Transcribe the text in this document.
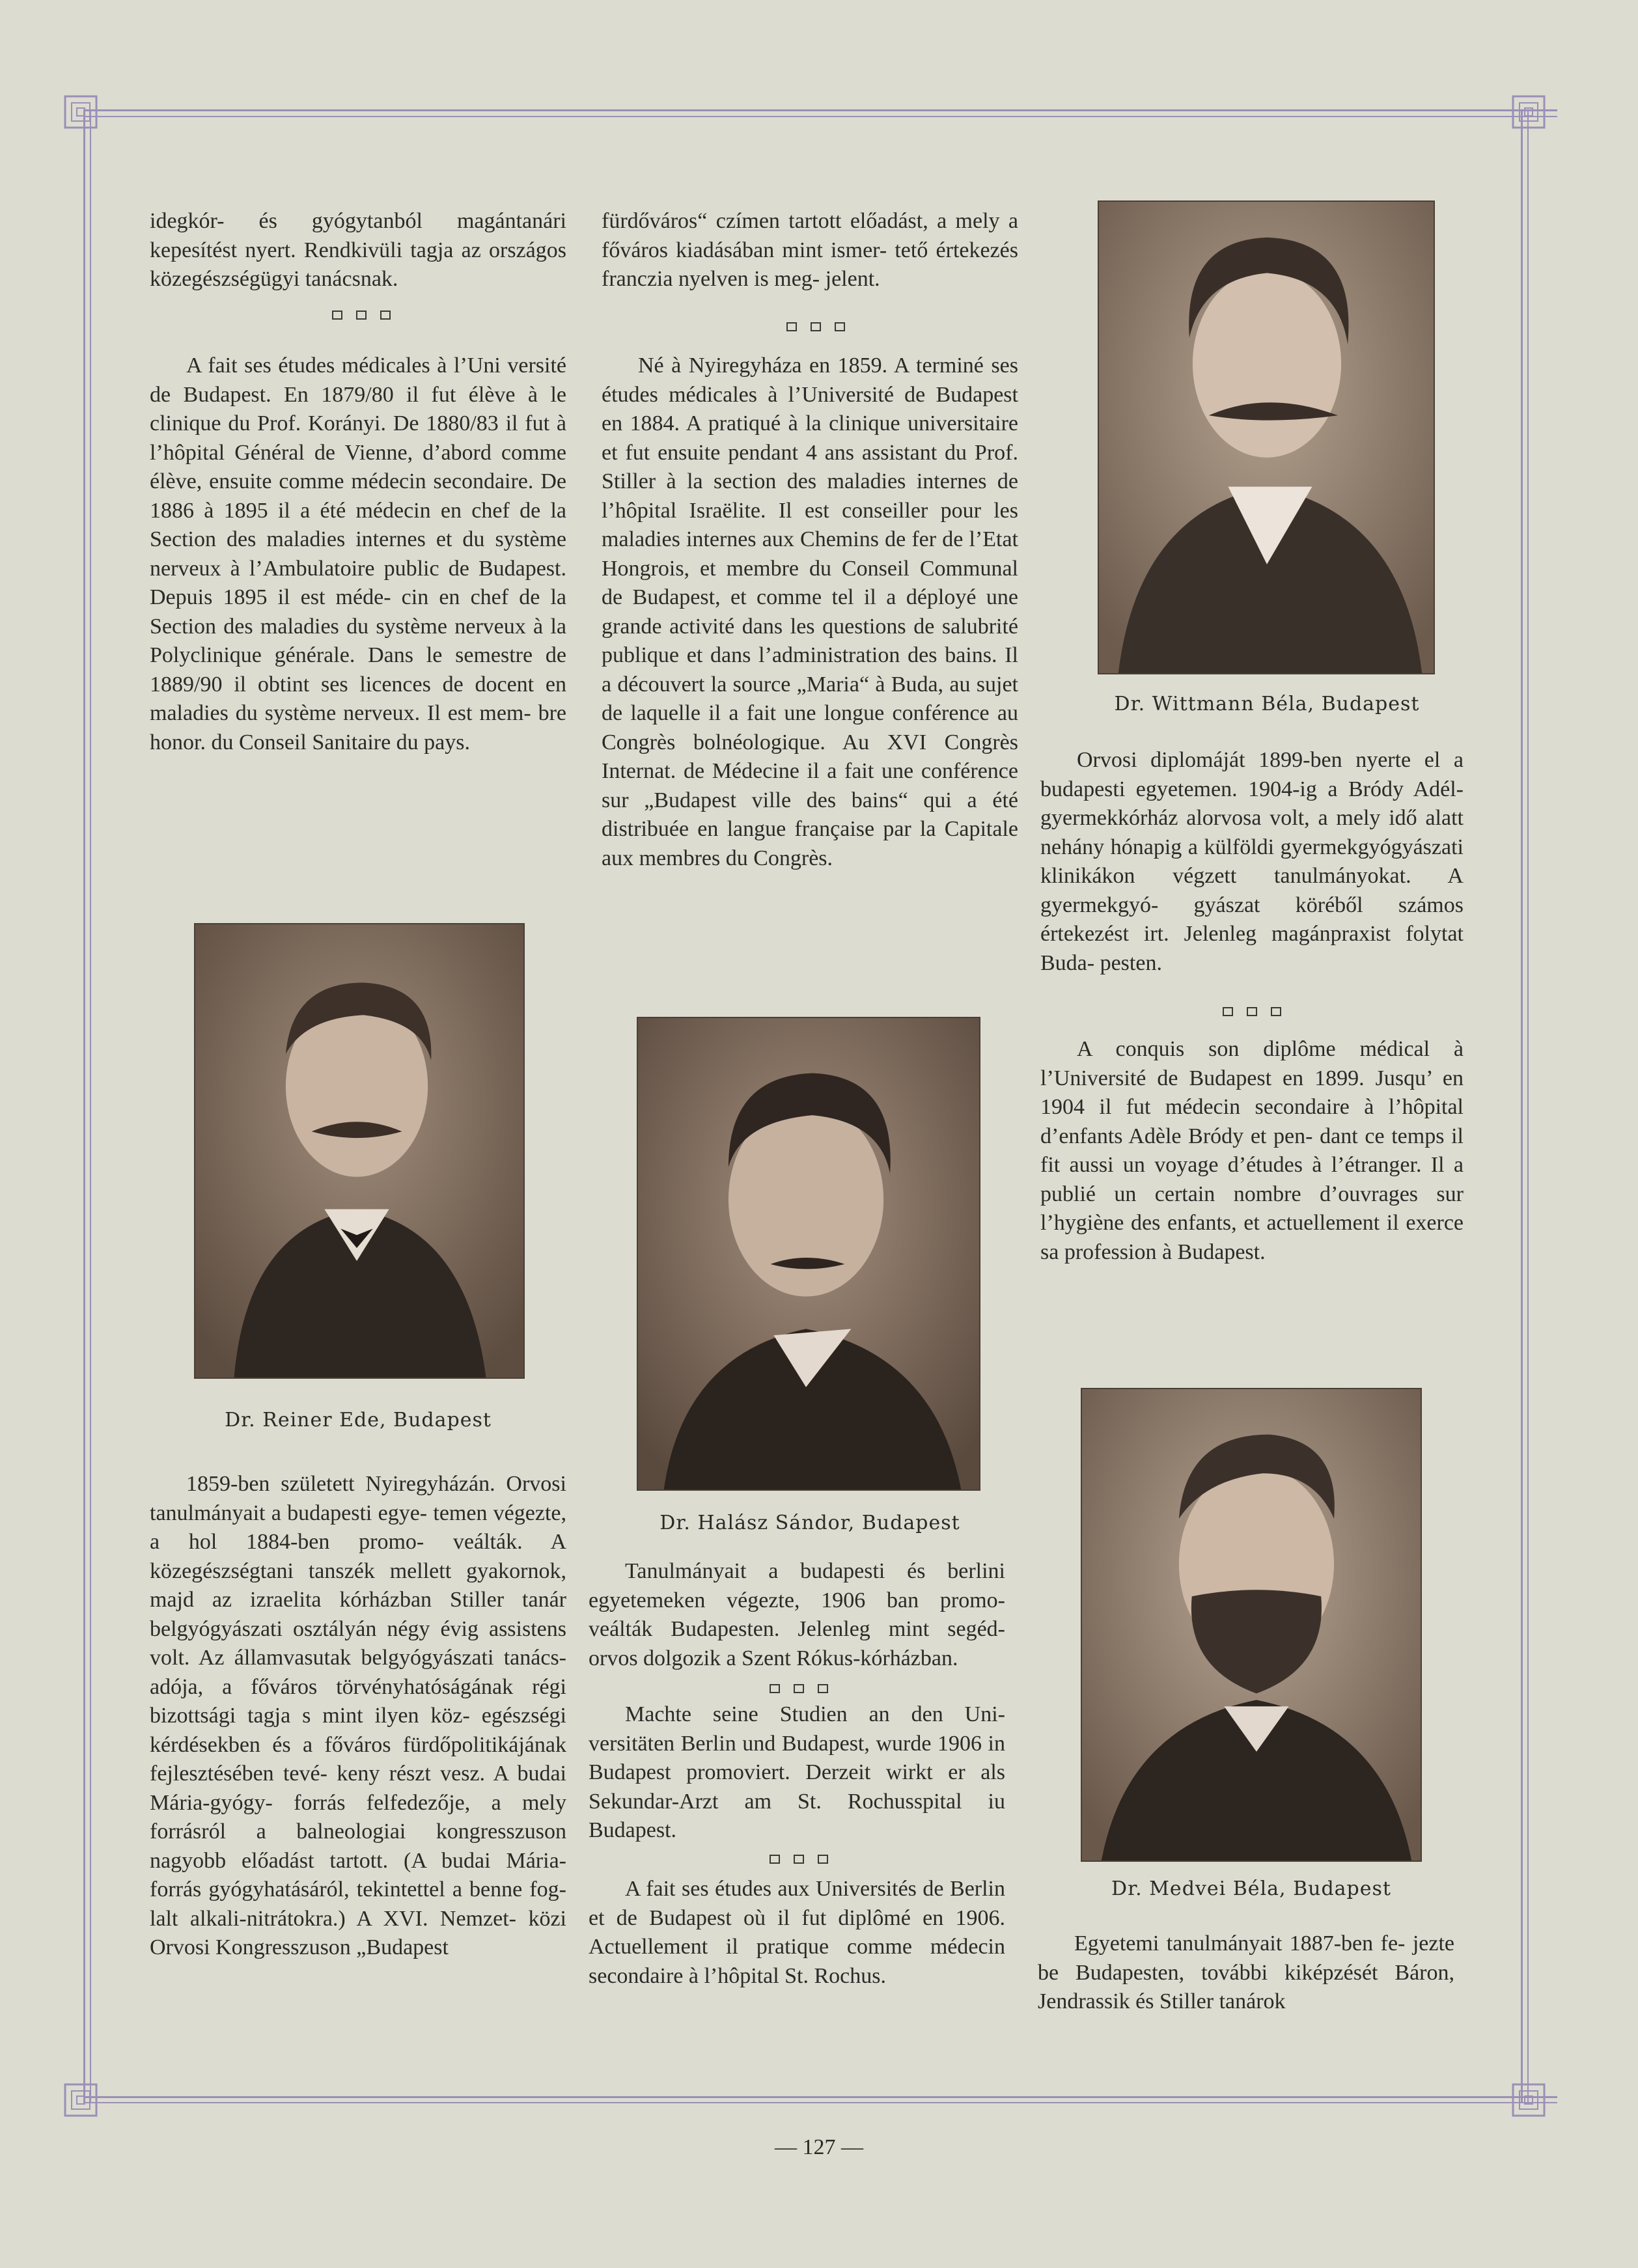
idegkór- és gyógytanból magántanári kepesítést nyert. Rendkivüli tagja az országos közegészségügyi tanácsnak.

A fait ses études médicales à l’Uni versité de Budapest. En 1879/80 il fut élève à le clinique du Prof. Korányi. De 1880/83 il fut à l’hôpital Général de Vienne, d’abord comme élève, ensuite comme médecin secondaire. De 1886 à 1895 il a été médecin en chef de la Section des maladies internes et du système nerveux à l’Ambulatoire public de Budapest. Depuis 1895 il est méde- cin en chef de la Section des maladies du système nerveux à la Polyclinique générale. Dans le semestre de 1889/90 il obtint ses licences de docent en maladies du système nerveux. Il est mem- bre honor. du Conseil Sanitaire du pays.

Dr. Reiner Ede, Budapest

1859-ben született Nyiregyházán. Orvosi tanulmányait a budapesti egye- temen végezte, a hol 1884-ben promo- veálták. A közegészségtani tanszék mellett gyakornok, majd az izraelita kórházban Stiller tanár belgyógyászati osztályán négy évig assistens volt. Az államvasutak belgyógyászati tanács- adója, a főváros törvényhatóságának régi bizottsági tagja s mint ilyen köz- egészségi kérdésekben és a főváros fürdőpolitikájának fejlesztésében tevé- keny részt vesz. A budai Mária-gyógy- forrás felfedezője, a mely forrásról a balneologiai kongresszuson nagyobb előadást tartott. (A budai Mária-forrás gyógyhatásáról, tekintettel a benne fog- lalt alkali-nitrátokra.) A XVI. Nemzet- közi Orvosi Kongresszuson „Budapest

fürdőváros“ czímen tartott előadást, a mely a főváros kiadásában mint ismer- tető értekezés franczia nyelven is meg- jelent.

Né à Nyiregyháza en 1859. A terminé ses études médicales à l’Université de Budapest en 1884. A pratiqué à la clinique universitaire et fut ensuite pendant 4 ans assistant du Prof. Stiller à la section des maladies internes de l’hôpital Israëlite. Il est conseiller pour les maladies internes aux Chemins de fer de l’Etat Hongrois, et membre du Conseil Communal de Budapest, et comme tel il a déployé une grande activité dans les questions de salubrité publique et dans l’administration des bains. Il a découvert la source „Maria“ à Buda, au sujet de laquelle il a fait une longue conférence au Congrès bolnéologique. Au XVI Congrès Internat. de Médecine il a fait une conférence sur „Budapest ville des bains“ qui a été distribuée en langue française par la Capitale aux membres du Congrès.

Dr. Halász Sándor, Budapest

Tanulmányait a budapesti és berlini egyetemeken végezte, 1906 ban promo- veálták Budapesten. Jelenleg mint segéd- orvos dolgozik a Szent Rókus-kórházban.

Machte seine Studien an den Uni- versitäten Berlin und Budapest, wurde 1906 in Budapest promoviert. Derzeit wirkt er als Sekundar-Arzt am St. Rochusspital iu Budapest.

A fait ses études aux Universités de Berlin et de Budapest où il fut diplômé en 1906. Actuellement il pratique comme médecin secondaire à l’hôpital St. Rochus.

Dr. Wittmann Béla, Budapest

Orvosi diplomáját 1899-ben nyerte el a budapesti egyetemen. 1904-ig a Bródy Adél-gyermekkórház alorvosa volt, a mely idő alatt nehány hónapig a külföldi gyermekgyógyászati klinikákon végzett tanulmányokat. A gyermekgyó- gyászat köréből számos értekezést irt. Jelenleg magánpraxist folytat Buda- pesten.

A conquis son diplôme médical à l’Université de Budapest en 1899. Jusqu’ en 1904 il fut médecin secondaire à l’hôpital d’enfants Adèle Bródy et pen- dant ce temps il fit aussi un voyage d’études à l’étranger. Il a publié un certain nombre d’ouvrages sur l’hygiène des enfants, et actuellement il exerce sa profession à Budapest.

Dr. Medvei Béla, Budapest

Egyetemi tanulmányait 1887-ben fe- jezte be Budapesten, további kiképzését Báron, Jendrassik és Stiller tanárok

— 127 —
